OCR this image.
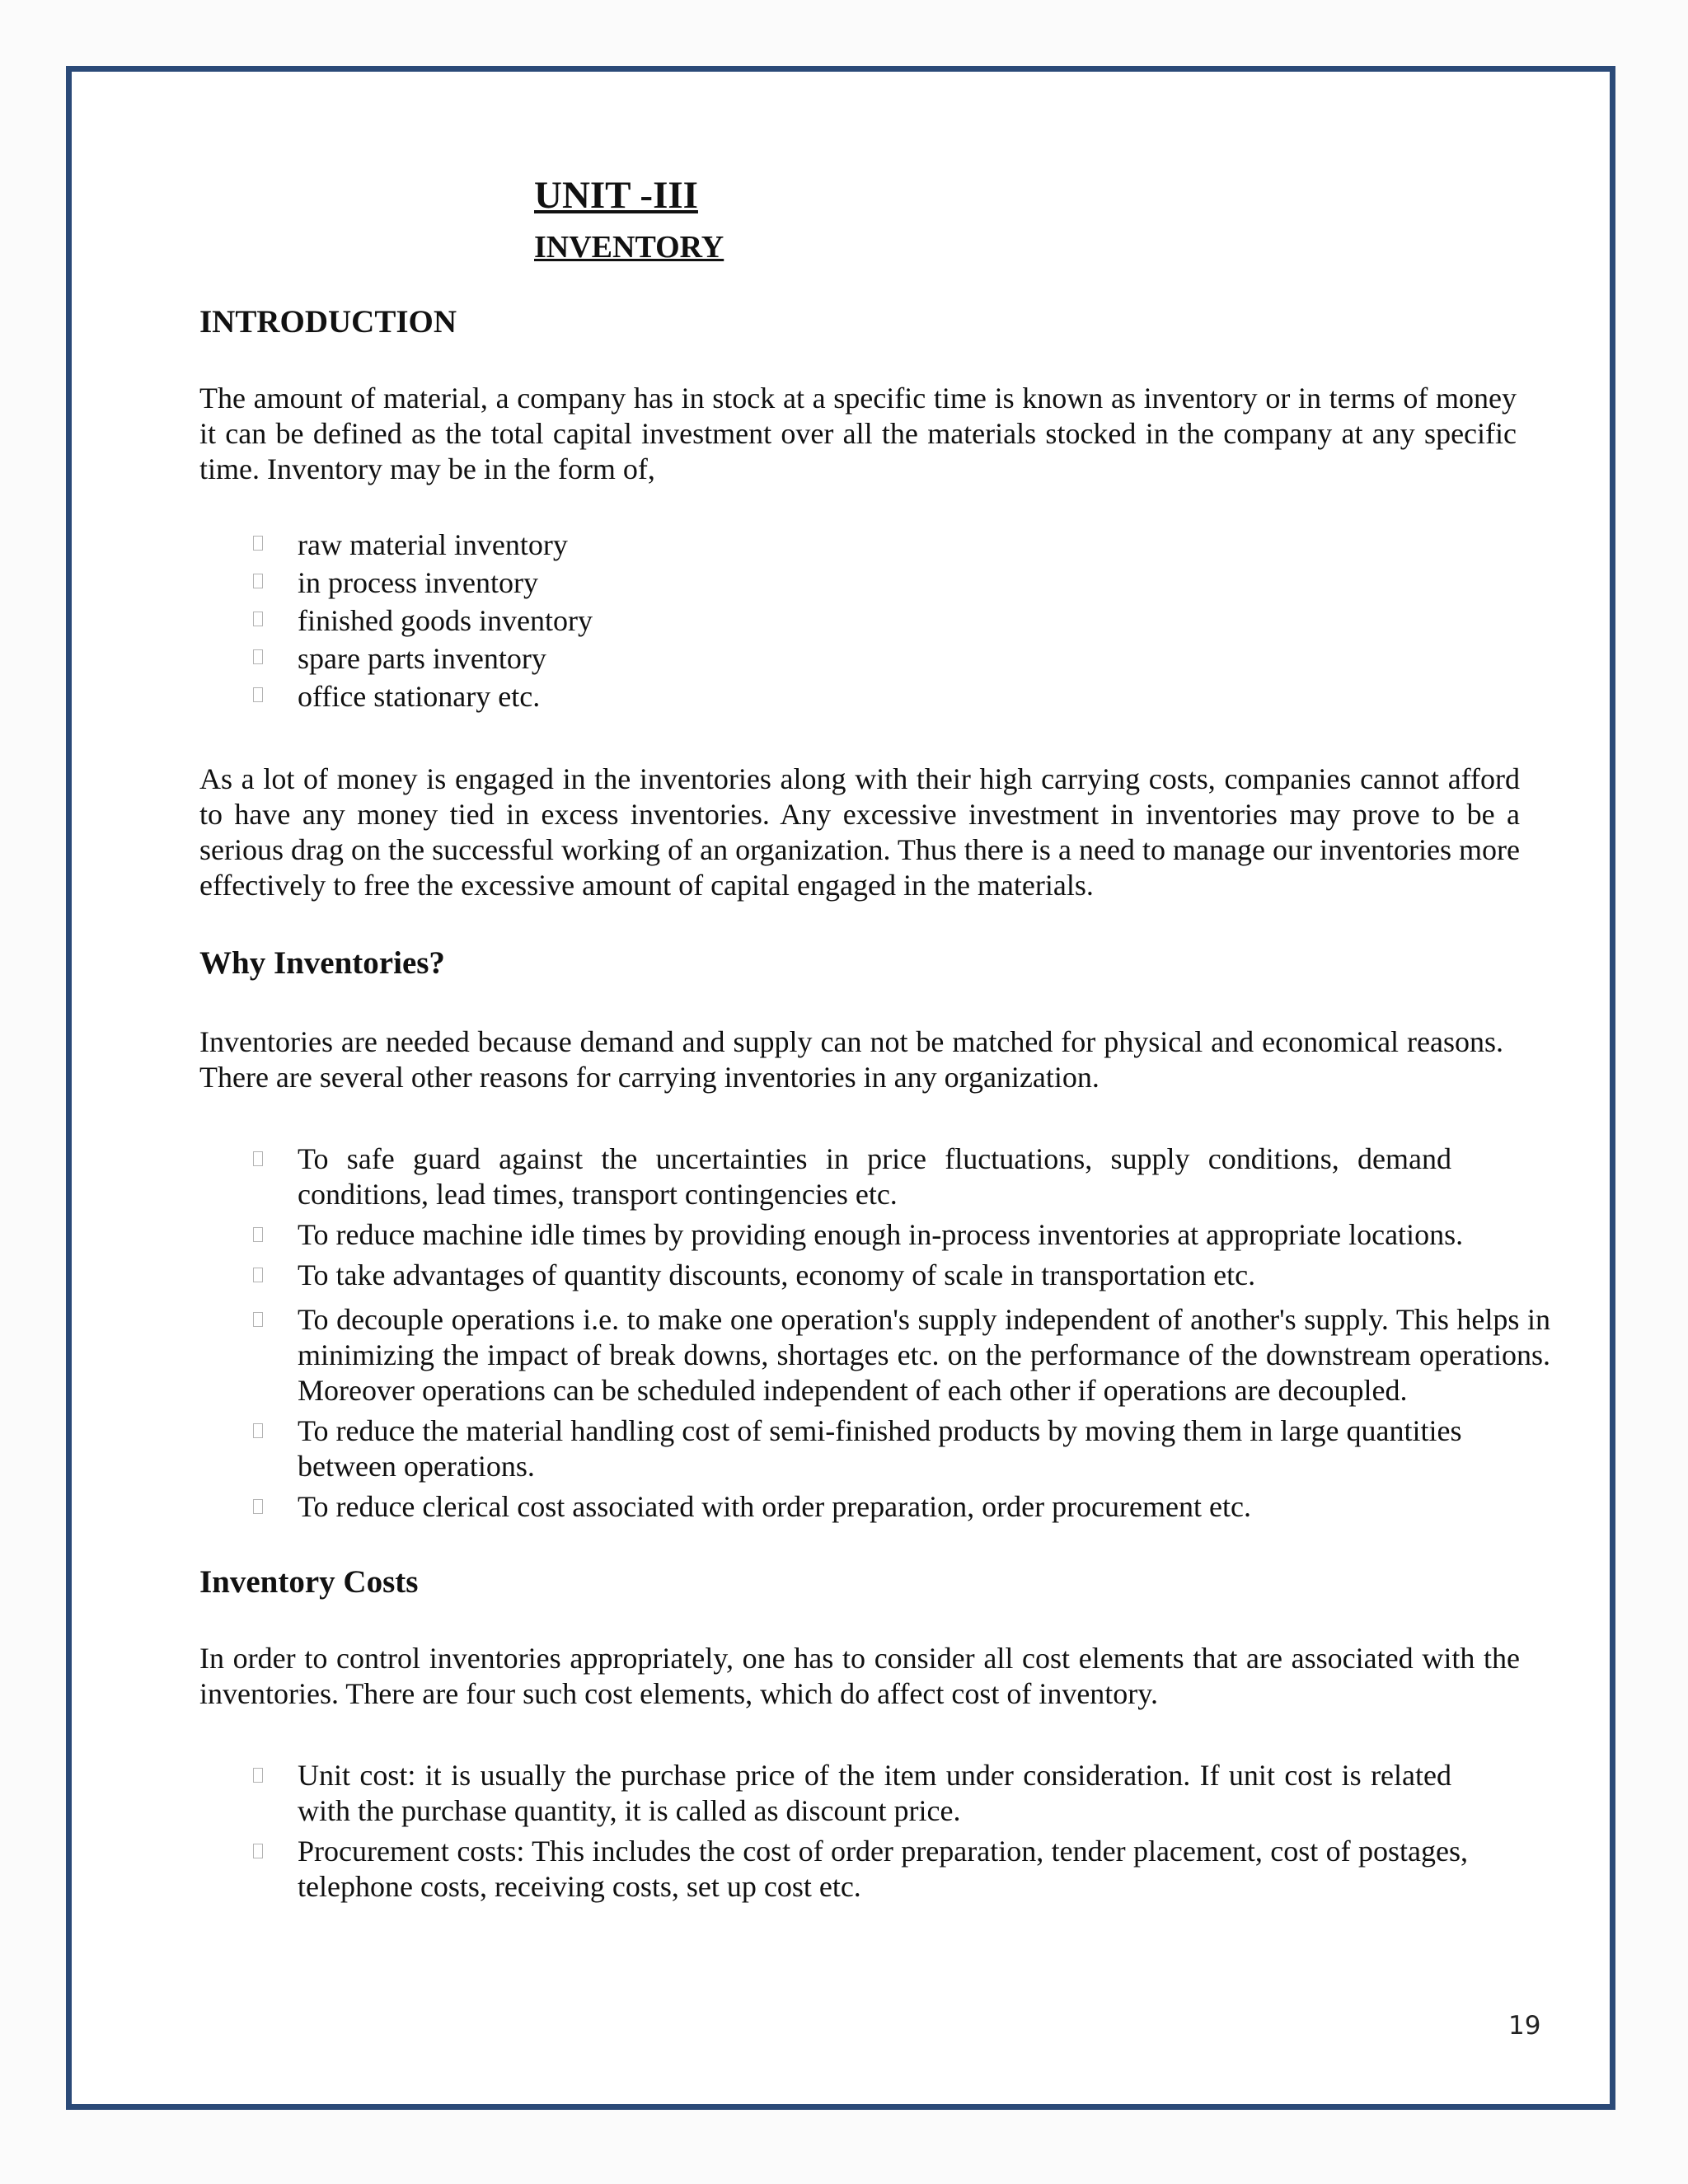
UNIT -III
INVENTORY

INTRODUCTION

The amount of material, a company has in stock at a specific time is known as inventory or in terms of money it can be defined as the total capital investment over all the materials stocked in the company at any specific time. Inventory may be in the form of,

raw material inventory
in process inventory
finished goods inventory
spare parts inventory
office stationary etc.

As a lot of money is engaged in the inventories along with their high carrying costs, companies cannot afford to have any money tied in excess inventories. Any excessive investment in inventories may prove to be a serious drag on the successful working of an organization. Thus there is a need to manage our inventories more effectively to free the excessive amount of capital engaged in the materials.

Why Inventories?

Inventories are needed because demand and supply can not be matched for physical and economical reasons. There are several other reasons for carrying inventories in any organization.

To safe guard against the uncertainties in price fluctuations, supply conditions, demand conditions, lead times, transport contingencies etc.
To reduce machine idle times by providing enough in-process inventories at appropriate locations.
To take advantages of quantity discounts, economy of scale in transportation etc.
To decouple operations i.e. to make one operation's supply independent of another's supply. This helps in minimizing the impact of break downs, shortages etc. on the performance of the downstream operations. Moreover operations can be scheduled independent of each other if operations are decoupled.
To reduce the material handling cost of semi-finished products by moving them in large quantities between operations.
To reduce clerical cost associated with order preparation, order procurement etc.

Inventory Costs

In order to control inventories appropriately, one has to consider all cost elements that are associated with the inventories. There are four such cost elements, which do affect cost of inventory.

Unit cost: it is usually the purchase price of the item under consideration. If unit cost is related with the purchase quantity, it is called as discount price.
Procurement costs: This includes the cost of order preparation, tender placement, cost of postages, telephone costs, receiving costs, set up cost etc.
19
